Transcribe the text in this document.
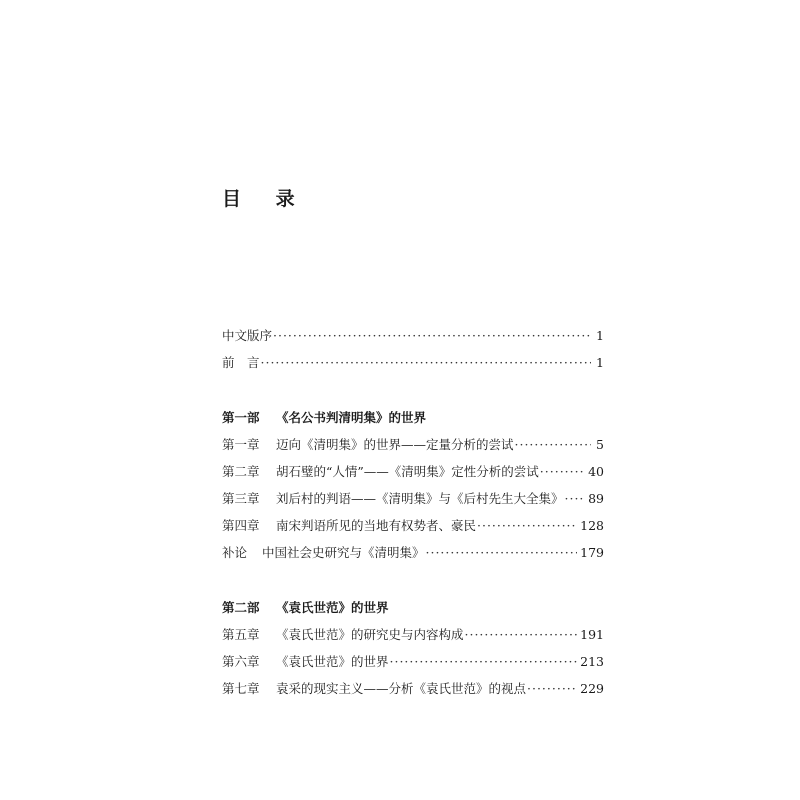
目 录
中文版序 ·····	1
前　言 ·····	1
第一部 《名公书判清明集》的世界
第一章	迈向《清明集》的世界——定量分析的尝试 ·····	5
第二章	胡石璧的“人情”——《清明集》定性分析的尝试 ·····	40
第三章	刘后村的判语——《清明集》与《后村先生大全集》 ····· 89
第四章	南宋判语所见的当地有权势者、豪民 ·····	128
补论	中国社会史研究与《清明集》 ·····	179
第二部 《袁氏世范》的世界
第五章	《袁氏世范》的研究史与内容构成 ·····	191
第六章	《袁氏世范》的世界 ·····	213
第七章	袁采的现实主义——分析《袁氏世范》的视点 ·····	229
